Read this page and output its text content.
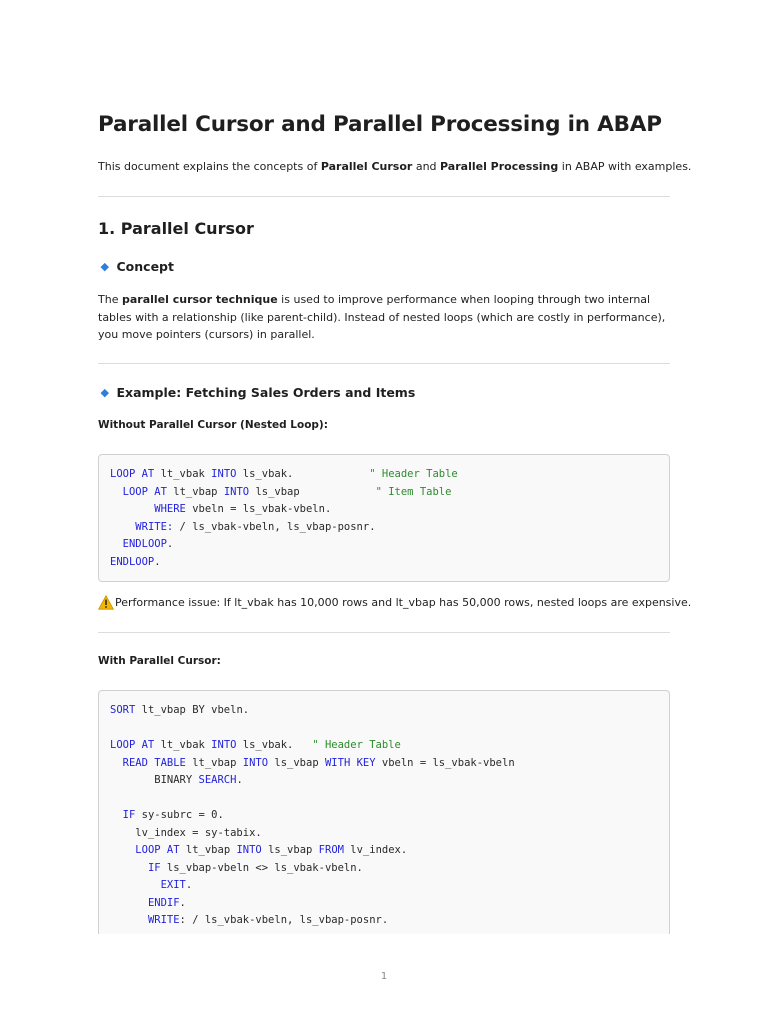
Parallel Cursor and Parallel Processing in ABAP

This document explains the concepts of Parallel Cursor and Parallel Processing in ABAP with examples.

1. Parallel Cursor
Concept

The parallel cursor technique is used to improve performance when looping through two internal tables with a relationship (like parent-child). Instead of nested loops (which are costly in performance), you move pointers (cursors) in parallel.

Example: Fetching Sales Orders and Items

Without Parallel Cursor (Nested Loop):

LOOP AT lt_vbak INTO ls_vbak.            " Header Table
LOOP AT lt_vbap INTO ls_vbap            " Item Table
WHERE vbeln = ls_vbak-vbeln.
WRITE: / ls_vbak-vbeln, ls_vbap-posnr.
ENDLOOP.
ENDLOOP.
Performance issue: If lt_vbak has 10,000 rows and lt_vbap has 50,000 rows, nested loops are expensive.

With Parallel Cursor:

SORT lt_vbap BY vbeln.
LOOP AT lt_vbak INTO ls_vbak.   " Header Table
READ TABLE lt_vbap INTO ls_vbap WITH KEY vbeln = ls_vbak-vbeln
BINARY SEARCH.
IF sy-subrc = 0.
lv_index = sy-tabix.
LOOP AT lt_vbap INTO ls_vbap FROM lv_index.
IF ls_vbap-vbeln <> ls_vbak-vbeln.
EXIT.
ENDIF.
WRITE: / ls_vbak-vbeln, ls_vbap-posnr.
1
